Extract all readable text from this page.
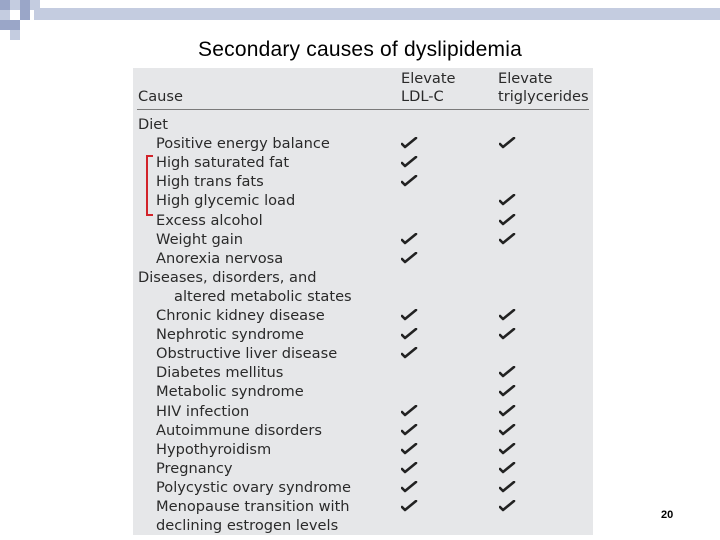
Secondary causes of dyslipidemia
Cause
Elevate
LDL-C
Elevate
triglycerides
Diet
Positive energy balance
High saturated fat
High trans fats
High glycemic load
Excess alcohol
Weight gain
Anorexia nervosa
Diseases, disorders, and
altered metabolic states
Chronic kidney disease
Nephrotic syndrome
Obstructive liver disease
Diabetes mellitus
Metabolic syndrome
HIV infection
Autoimmune disorders
Hypothyroidism
Pregnancy
Polycystic ovary syndrome
Menopause transition with
declining estrogen levels
20
